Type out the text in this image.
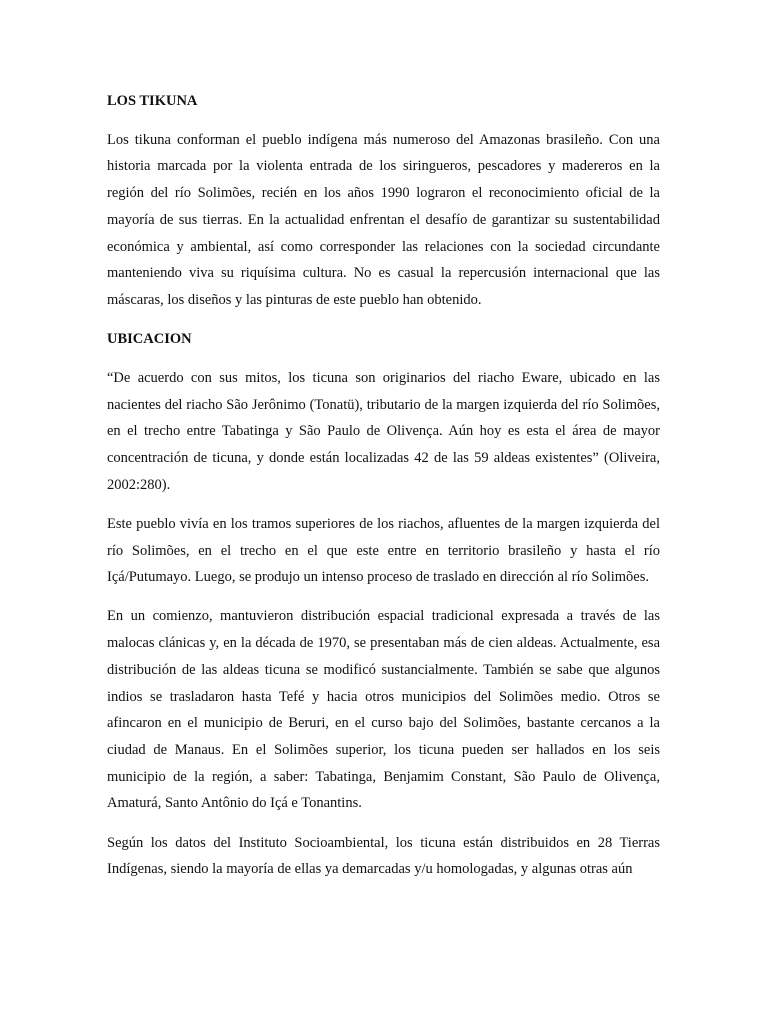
LOS TIKUNA

Los tikuna conforman el pueblo indígena más numeroso del Amazonas brasileño. Con una historia marcada por la violenta entrada de los siringueros, pescadores y madereros en la región del río Solimões, recién en los años 1990 lograron el reconocimiento oficial de la mayoría de sus tierras. En la actualidad enfrentan el desafío de garantizar su sustentabilidad económica y ambiental, así como corresponder las relaciones con la sociedad circundante manteniendo viva su riquísima cultura. No es casual la repercusión internacional que las máscaras, los diseños y las pinturas de este pueblo han obtenido.

UBICACION

“De acuerdo con sus mitos, los ticuna son originarios del riacho Eware, ubicado en las nacientes del riacho São Jerônimo (Tonatü), tributario de la margen izquierda del río Solimões, en el trecho entre Tabatinga y São Paulo de Olivença. Aún hoy es esta el área de mayor concentración de ticuna, y donde están localizadas 42 de las 59 aldeas existentes” (Oliveira, 2002:280).

Este pueblo vivía en los tramos superiores de los riachos, afluentes de la margen izquierda del río Solimões, en el trecho en el que este entre en territorio brasileño y hasta el río Içá/Putumayo. Luego, se produjo un intenso proceso de traslado en dirección al río Solimões.

En un comienzo, mantuvieron distribución espacial tradicional expresada a través de las malocas clánicas y, en la década de 1970, se presentaban más de cien aldeas. Actualmente, esa distribución de las aldeas ticuna se modificó sustancialmente. También se sabe que algunos indios se trasladaron hasta Tefé y hacia otros municipios del Solimões medio. Otros se afincaron en el municipio de Beruri, en el curso bajo del Solimões, bastante cercanos a la ciudad de Manaus. En el Solimões superior, los ticuna pueden ser hallados en los seis municipio de la región, a saber: Tabatinga, Benjamim Constant, São Paulo de Olivença, Amaturá, Santo Antônio do Içá e Tonantins.

Según los datos del Instituto Socioambiental, los ticuna están distribuidos en 28 Tierras Indígenas, siendo la mayoría de ellas ya demarcadas y/u homologadas, y algunas otras aún
